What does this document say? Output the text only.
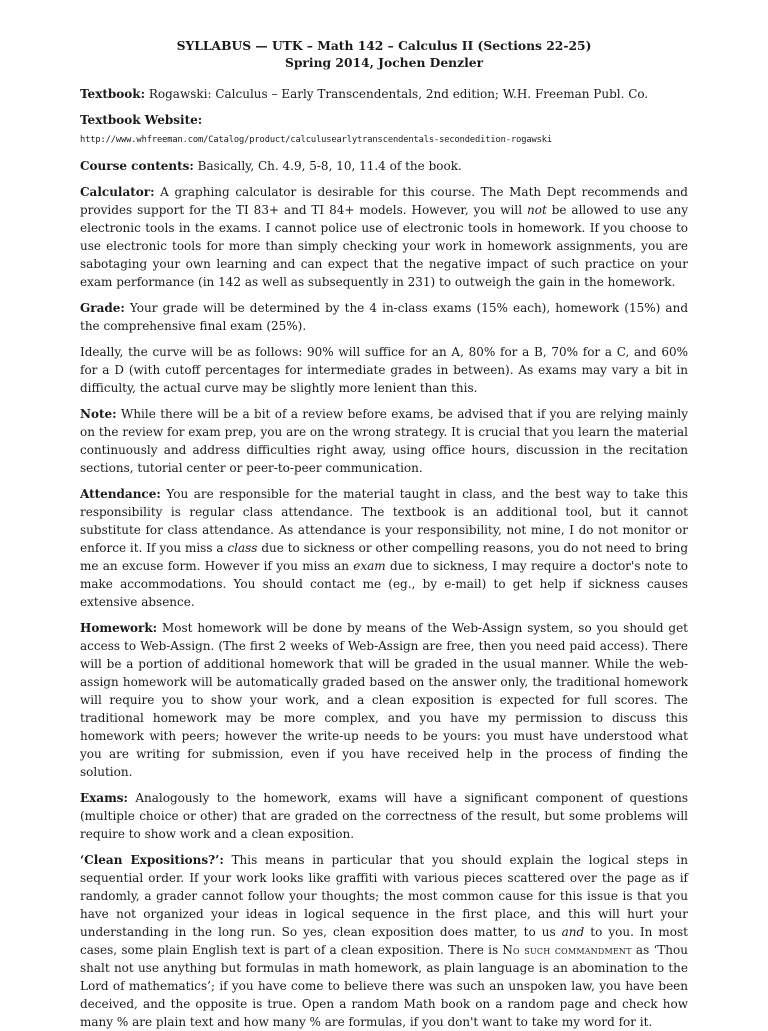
SYLLABUS — UTK – Math 142 – Calculus II (Sections 22-25)
Spring 2014, Jochen Denzler

Textbook: Rogawski: Calculus – Early Transcendentals, 2nd edition; W.H. Freeman Publ. Co.

Textbook Website:

http://www.whfreeman.com/Catalog/product/calculusearlytranscendentals-secondedition-rogawski

Course contents: Basically, Ch. 4.9, 5-8, 10, 11.4 of the book.

Calculator: A graphing calculator is desirable for this course. The Math Dept recommends and provides support for the TI 83+ and TI 84+ models. However, you will not be allowed to use any electronic tools in the exams. I cannot police use of electronic tools in homework. If you choose to use electronic tools for more than simply checking your work in homework assignments, you are sabotaging your own learning and can expect that the negative impact of such practice on your exam performance (in 142 as well as subsequently in 231) to outweigh the gain in the homework.

Grade: Your grade will be determined by the 4 in-class exams (15% each), homework (15%) and the comprehensive final exam (25%).

Ideally, the curve will be as follows: 90% will suffice for an A, 80% for a B, 70% for a C, and 60% for a D (with cutoff percentages for intermediate grades in between). As exams may vary a bit in difficulty, the actual curve may be slightly more lenient than this.

Note: While there will be a bit of a review before exams, be advised that if you are relying mainly on the review for exam prep, you are on the wrong strategy. It is crucial that you learn the material continuously and address difficulties right away, using office hours, discussion in the recitation sections, tutorial center or peer-to-peer communication.

Attendance: You are responsible for the material taught in class, and the best way to take this responsibility is regular class attendance. The textbook is an additional tool, but it cannot substitute for class attendance. As attendance is your responsibility, not mine, I do not monitor or enforce it. If you miss a class due to sickness or other compelling reasons, you do not need to bring me an excuse form. However if you miss an exam due to sickness, I may require a doctor's note to make accommodations. You should contact me (eg., by e-mail) to get help if sickness causes extensive absence.

Homework: Most homework will be done by means of the Web-Assign system, so you should get access to Web-Assign. (The first 2 weeks of Web-Assign are free, then you need paid access). There will be a portion of additional homework that will be graded in the usual manner. While the web-assign homework will be automatically graded based on the answer only, the traditional homework will require you to show your work, and a clean exposition is expected for full scores. The traditional homework may be more complex, and you have my permission to discuss this homework with peers; however the write-up needs to be yours: you must have understood what you are writing for submission, even if you have received help in the process of finding the solution.

Exams: Analogously to the homework, exams will have a significant component of questions (multiple choice or other) that are graded on the correctness of the result, but some problems will require to show work and a clean exposition.

‘Clean Expositions?’: This means in particular that you should explain the logical steps in sequential order. If your work looks like graffiti with various pieces scattered over the page as if randomly, a grader cannot follow your thoughts; the most common cause for this issue is that you have not organized your ideas in logical sequence in the first place, and this will hurt your understanding in the long run. So yes, clean exposition does matter, to us and to you. In most cases, some plain English text is part of a clean exposition. There is No such commandment as ‘Thou shalt not use anything but formulas in math homework, as plain language is an abomination to the Lord of mathematics’; if you have come to believe there was such an unspoken law, you have been deceived, and the opposite is true. Open a random Math book on a random page and check how many % are plain text and how many % are formulas, if you don't want to take my word for it.
